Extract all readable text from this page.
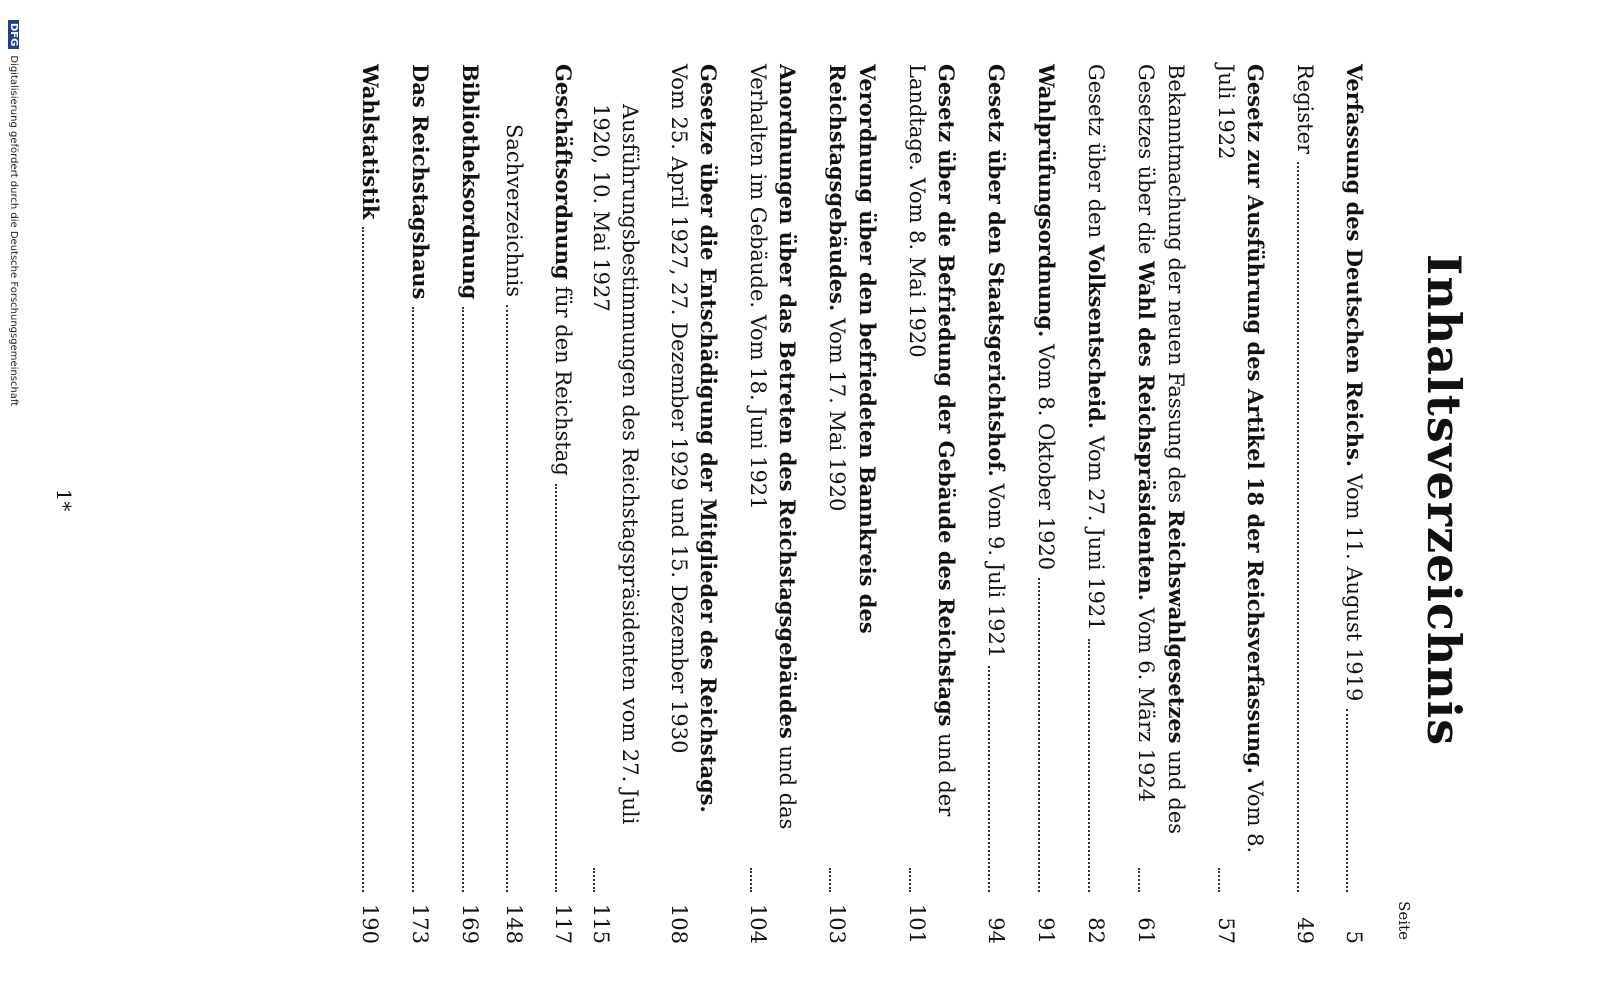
Inhaltsverzeichnis
Seite
Verfassung des Deutschen Reichs. Vom 11. August 1919
5
Register
49
Gesetz zur Ausführung des Artikel 18 der Reichsverfassung. Vom 8. Juli 1922
57
Bekanntmachung der neuen Fassung des Reichswahlgesetzes und des Gesetzes über die Wahl des Reichspräsidenten. Vom 6. März 1924
61
Gesetz über den Volksentscheid. Vom 27. Juni 1921
82
Wahlprüfungsordnung. Vom 8. Oktober 1920
91
Gesetz über den Staatsgerichtshof. Vom 9. Juli 1921
94
Gesetz über die Befriedung der Gebäude des Reichstags und der Landtage. Vom 8. Mai 1920
101
Verordnung über den befriedeten Bannkreis des Reichstagsgebäudes. Vom 17. Mai 1920
103
Anordnungen über das Betreten des Reichstagsgebäudes und das Verhalten im Gebäude. Vom 18. Juni 1921
104
Gesetze über die Entschädigung der Mitglieder des Reichstags. Vom 25. April 1927, 27. Dezember 1929 und 15. Dezember 1930
108
Ausführungsbestimmungen des Reichstagspräsidenten vom 27. Juli 1920, 10. Mai 1927
115
Geschäftsordnung für den Reichstag
117
Sachverzeichnis
148
Bibliotheksordnung
169
Das Reichstagshaus
173
Wahlstatistik
190
1*
DFGDigitalisierung gefördert durch die Deutsche Forschungsgemeinschaft
